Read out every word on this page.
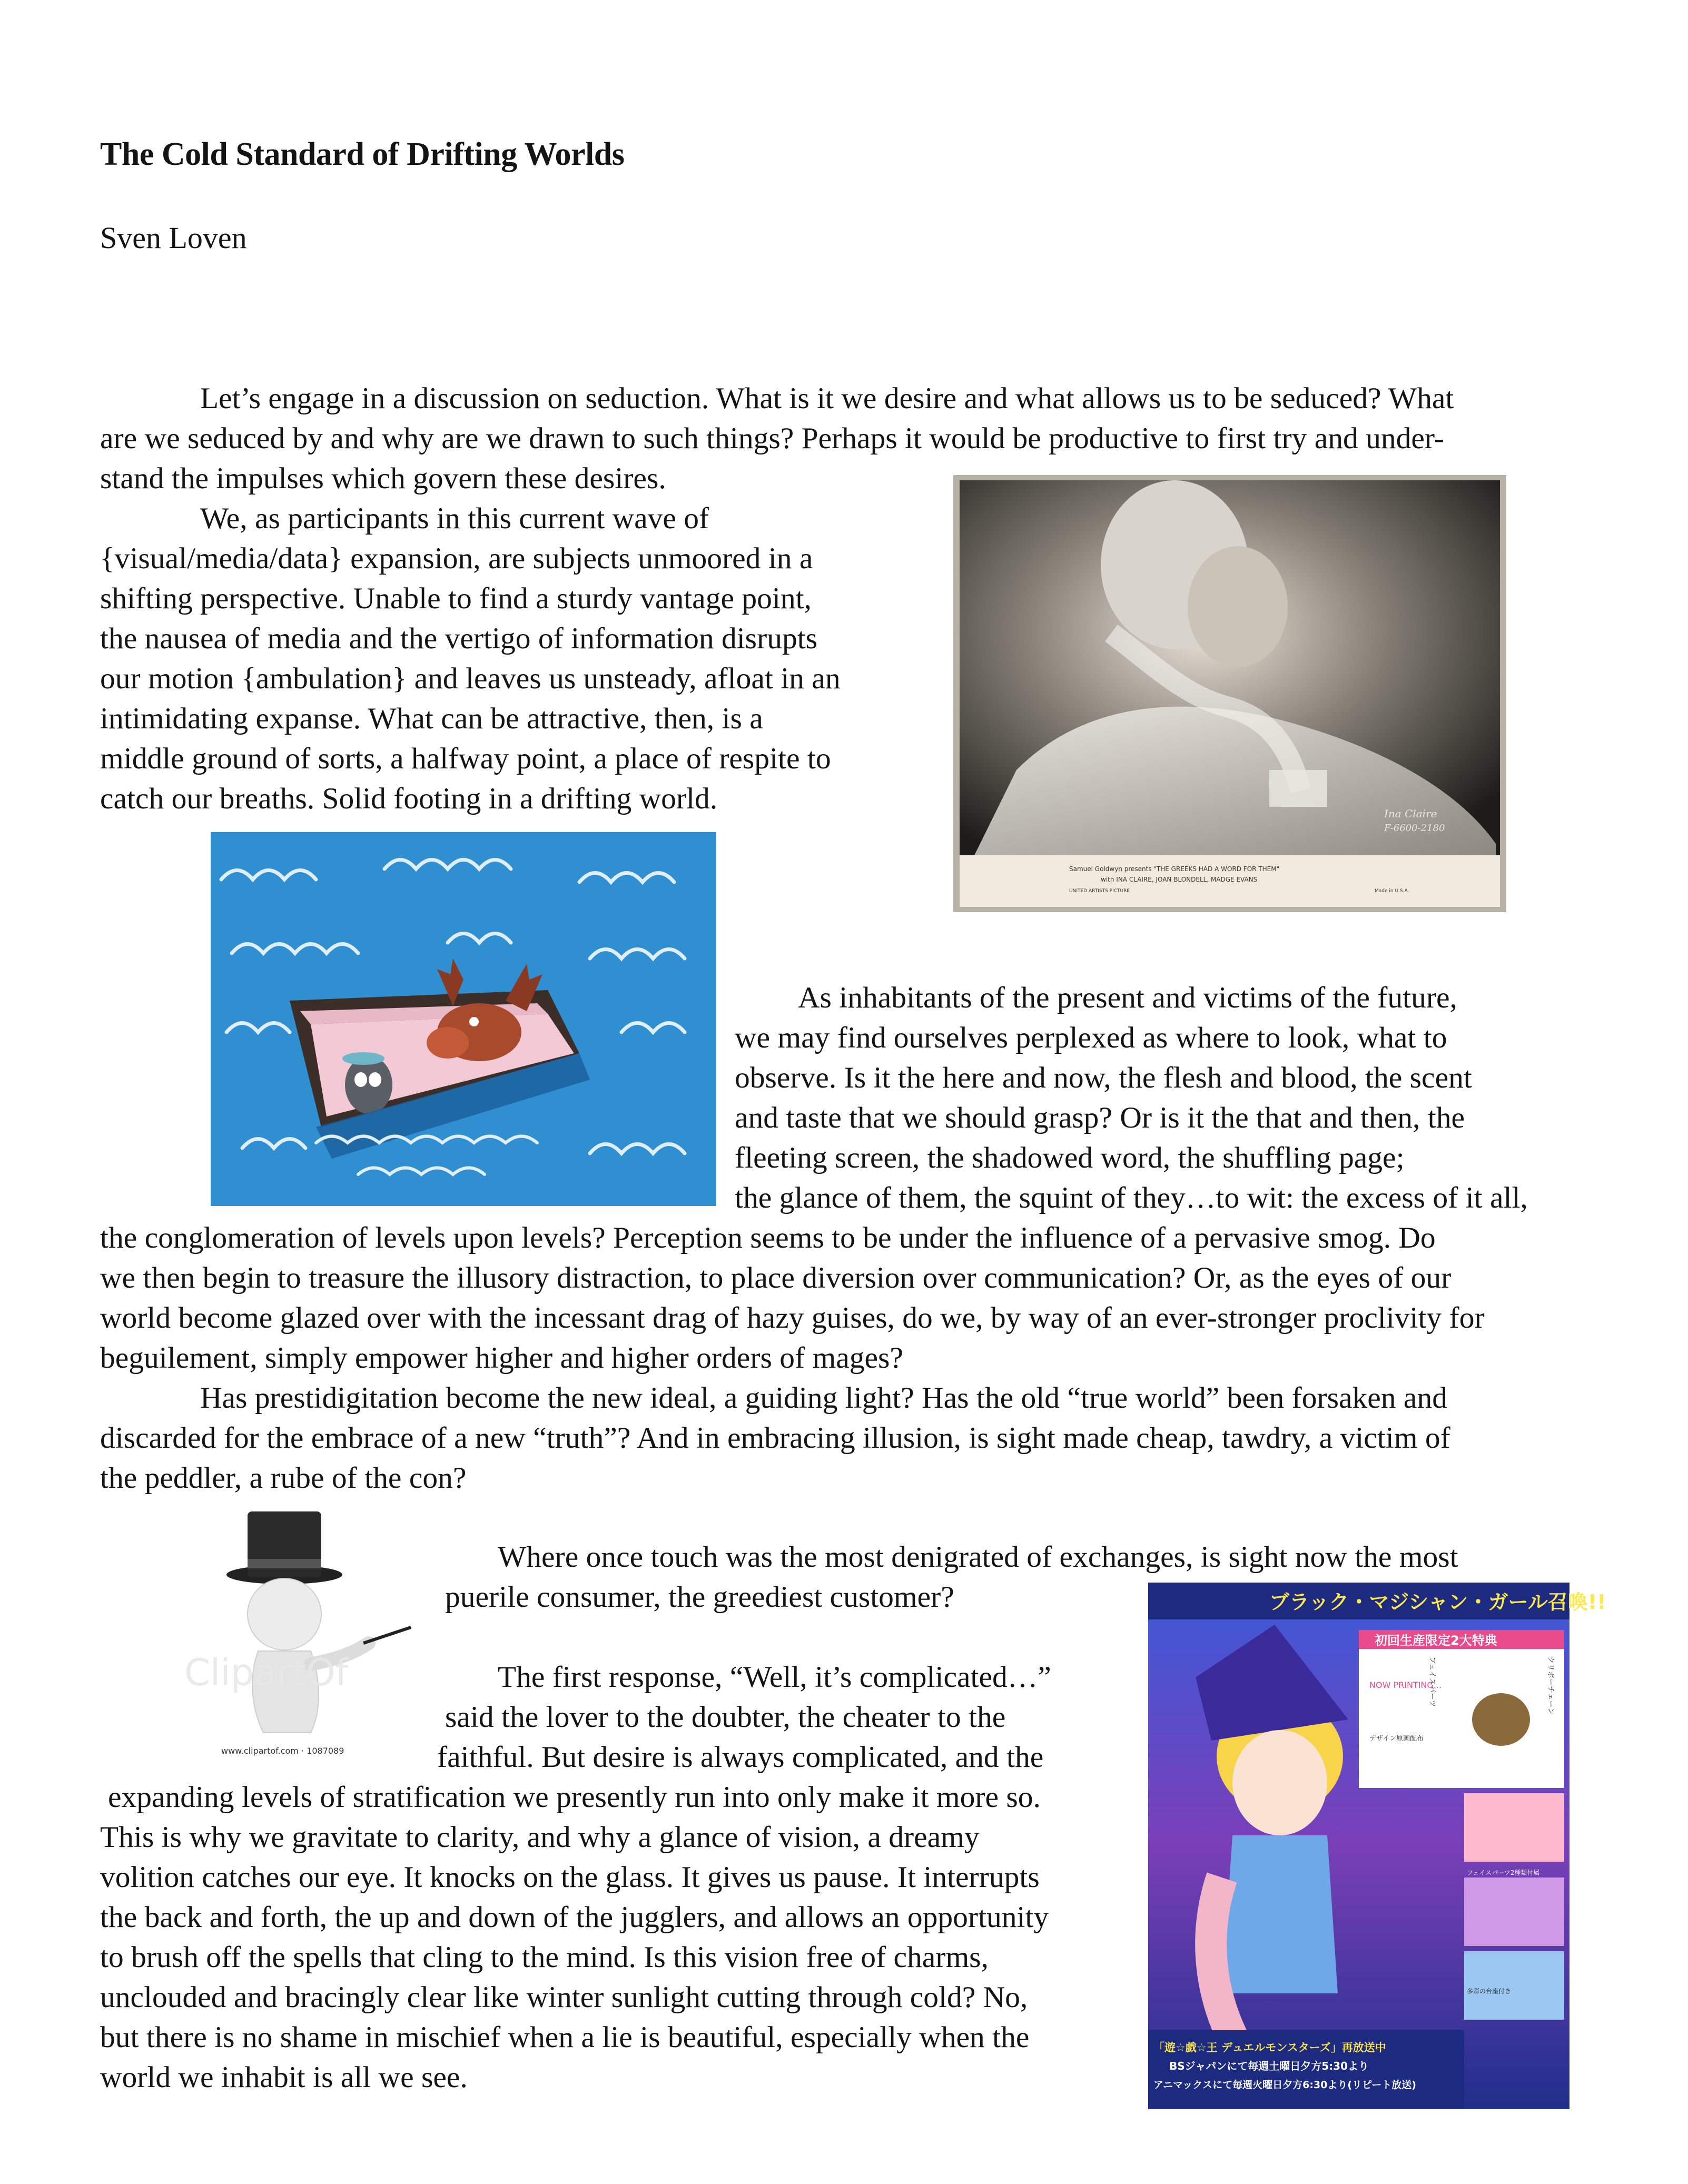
The Cold Standard of Drifting Worlds
Sven Loven
Let’s engage in a discussion on seduction. What is it we desire and what allows us to be seduced? What
are we seduced by and why are we drawn to such things? Perhaps it would be productive to first try and under-
stand the impulses which govern these desires.
We, as participants in this current wave of
{visual/media/data} expansion, are subjects unmoored in a
shifting perspective. Unable to find a sturdy vantage point,
the nausea of media and the vertigo of information disrupts
our motion {ambulation} and leaves us unsteady, afloat in an
intimidating expanse. What can be attractive, then, is a
middle ground of sorts, a halfway point, a place of respite to
catch our breaths. Solid footing in a drifting world.
As inhabitants of the present and victims of the future,
we may find ourselves perplexed as where to look, what to
observe. Is it the here and now, the flesh and blood, the scent
and taste that we should grasp? Or is it the that and then, the
fleeting screen, the shadowed word, the shuffling page;
the glance of them, the squint of they…to wit: the excess of it all,
the conglomeration of levels upon levels? Perception seems to be under the influence of a pervasive smog. Do
we then begin to treasure the illusory distraction, to place diversion over communication? Or, as the eyes of our
world become glazed over with the incessant drag of hazy guises, do we, by way of an ever-stronger proclivity for
beguilement, simply empower higher and higher orders of mages?
Has prestidigitation become the new ideal, a guiding light? Has the old “true world” been forsaken and
discarded for the embrace of a new “truth”? And in embracing illusion, is sight made cheap, tawdry, a victim of
the peddler, a rube of the con?
Where once touch was the most denigrated of exchanges, is sight now the most
puerile consumer, the greediest customer?
The first response, “Well, it’s complicated…”
said the lover to the doubter, the cheater to the
faithful. But desire is always complicated, and the
expanding levels of stratification we presently run into only make it more so.
This is why we gravitate to clarity, and why a glance of vision, a dreamy
volition catches our eye. It knocks on the glass. It gives us pause. It interrupts
the back and forth, the up and down of the jugglers, and allows an opportunity
to brush off the spells that cling to the mind. Is this vision free of charms,
unclouded and bracingly clear like winter sunlight cutting through cold? No,
but there is no shame in mischief when a lie is beautiful, especially when the
world we inhabit is all we see.
Ina Claire
F-6600-2180
Samuel Goldwyn presents "THE GREEKS HAD A WORD FOR THEM"
with INA CLAIRE, JOAN BLONDELL, MADGE EVANS
UNITED ARTISTS PICTURE	Made in U.S.A.
ClipartOf
www.clipartof.com · 1087089
ブラック・マジシャン・ガール召喚!!
初回生産限定2大特典
NOW PRINTING...
デザイン原画配布
クリボーチェーン
フェイスパーツ
フェイスパーツ2種類付属
多彩の台座付き
「遊☆戯☆王 デュエルモンスターズ」再放送中
BSジャパンにて毎週土曜日夕方5:30より
アニマックスにて毎週火曜日夕方6:30より(リピート放送)
